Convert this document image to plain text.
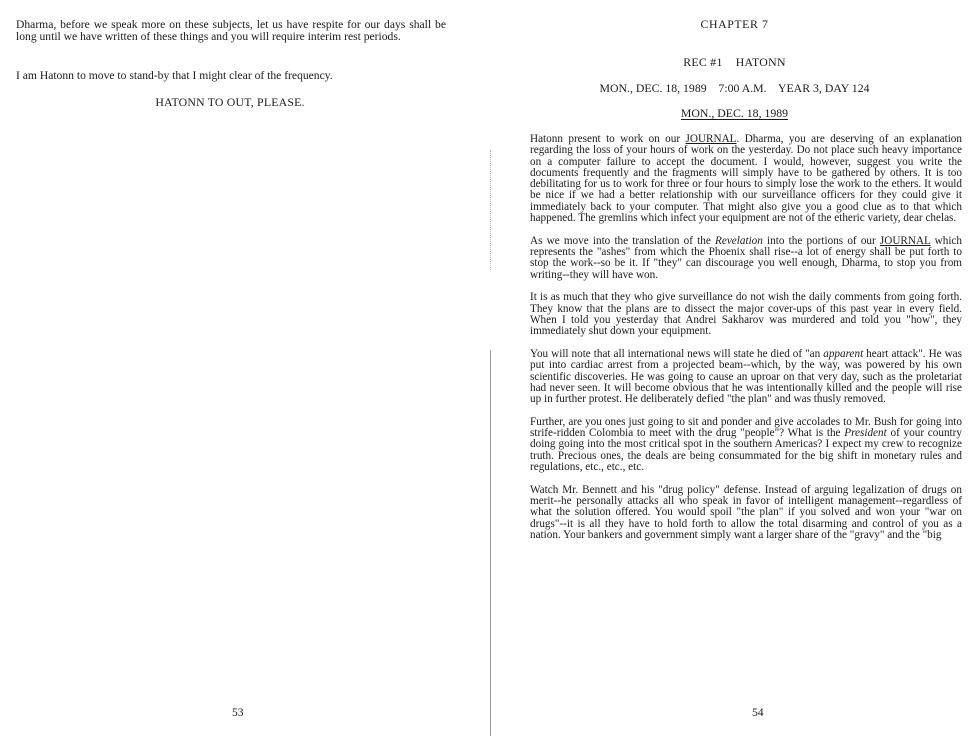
Dharma, before we speak more on these subjects, let us have respite for our days shall be long until we have written of these things and you will require interim rest periods.

I am Hatonn to move to stand-by that I might clear of the frequency.

HATONN TO OUT, PLEASE.
53
CHAPTER 7
REC #1    HATONN
MON., DEC. 18, 1989    7:00 A.M.    YEAR 3, DAY 124
MON., DEC. 18, 1989

Hatonn present to work on our JOURNAL. Dharma, you are deserving of an explanation regarding the loss of your hours of work on the yesterday. Do not place such heavy importance on a computer failure to accept the document. I would, however, suggest you write the documents frequently and the fragments will simply have to be gathered by others. It is too debilitating for us to work for three or four hours to simply lose the work to the ethers. It would be nice if we had a better relationship with our surveillance officers for they could give it immediately back to your computer. That might also give you a good clue as to that which happened. The gremlins which infect your equipment are not of the etheric variety, dear chelas.

As we move into the translation of the Revelation into the portions of our JOURNAL which represents the "ashes" from which the Phoenix shall rise--a lot of energy shall be put forth to stop the work--so be it. If "they" can discourage you well enough, Dharma, to stop you from writing--they will have won.

It is as much that they who give surveillance do not wish the daily comments from going forth. They know that the plans are to dissect the major cover-ups of this past year in every field. When I told you yesterday that Andrei Sakharov was murdered and told you "how", they immediately shut down your equipment.

You will note that all international news will state he died of "an apparent heart attack". He was put into cardiac arrest from a projected beam--which, by the way, was powered by his own scientific discoveries. He was going to cause an uproar on that very day, such as the proletariat had never seen. It will become obvious that he was intentionally killed and the people will rise up in further protest. He deliberately defied "the plan" and was thusly removed.

Further, are you ones just going to sit and ponder and give accolades to Mr. Bush for going into strife-ridden Colombia to meet with the drug "people"? What is the President of your country doing going into the most critical spot in the southern Americas? I expect my crew to recognize truth. Precious ones, the deals are being consummated for the big shift in monetary rules and regulations, etc., etc., etc.

Watch Mr. Bennett and his "drug policy" defense. Instead of arguing legalization of drugs on merit--he personally attacks all who speak in favor of intelligent management--regardless of what the solution offered. You would spoil "the plan" if you solved and won your "war on drugs"--it is all they have to hold forth to allow the total disarming and control of you as a nation. Your bankers and government simply want a larger share of the "gravy" and the "big

54
